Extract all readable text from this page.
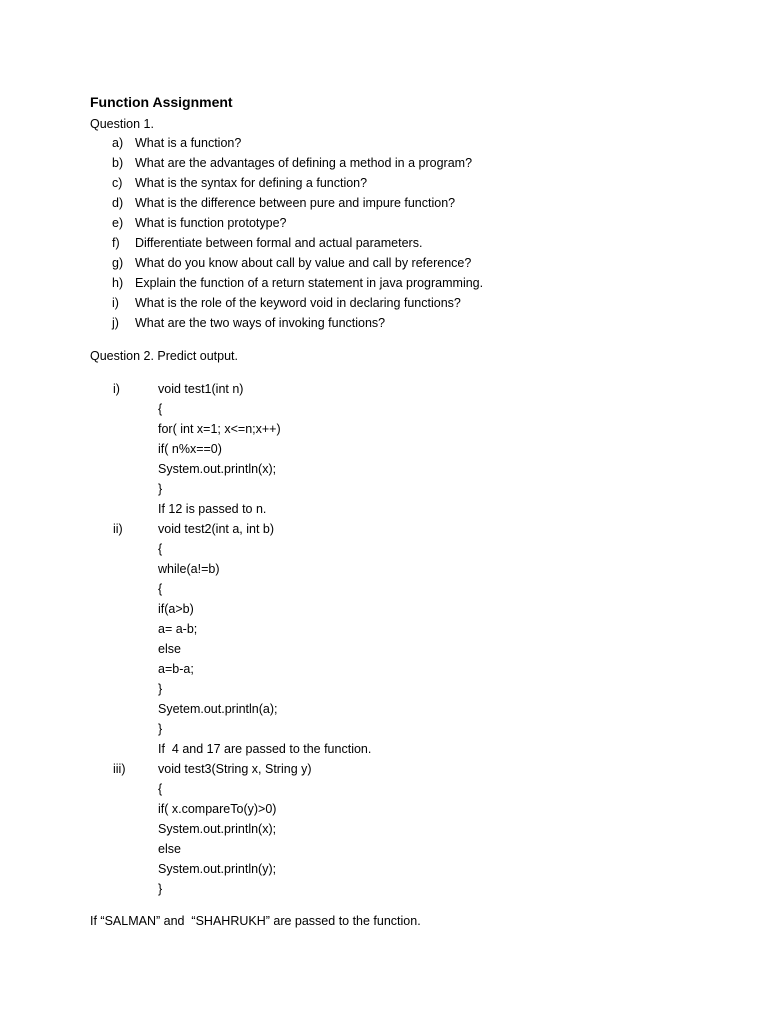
Function Assignment
Question 1.
a) What is a function?
b) What are the advantages of defining a method in a program?
c)	What is the syntax for defining a function?
d) What is the difference between pure and impure function?
e) What is function prototype?
f)	Differentiate between formal and actual parameters.
g) What do you know about call by value and call by reference?
h) Explain the function of a return statement in java programming.
i)	What is the role of the keyword void in declaring functions?
j)	What are the two ways of invoking functions?
Question 2. Predict output.
i)	void test1(int n)
{
for( int x=1; x<=n;x++)
if( n%x==0)
System.out.println(x);
}
If 12 is passed to n.
ii)	void test2(int a, int b)
{
while(a!=b)
{
if(a>b)
a= a-b;
else
a=b-a;
}
Syetem.out.println(a);
}
If  4 and 17 are passed to the function.
iii)	void test3(String x, String y)
{
if( x.compareTo(y)>0)
System.out.println(x);
else
System.out.println(y);
}
If “SALMAN” and  “SHAHRUKH” are passed to the function.
